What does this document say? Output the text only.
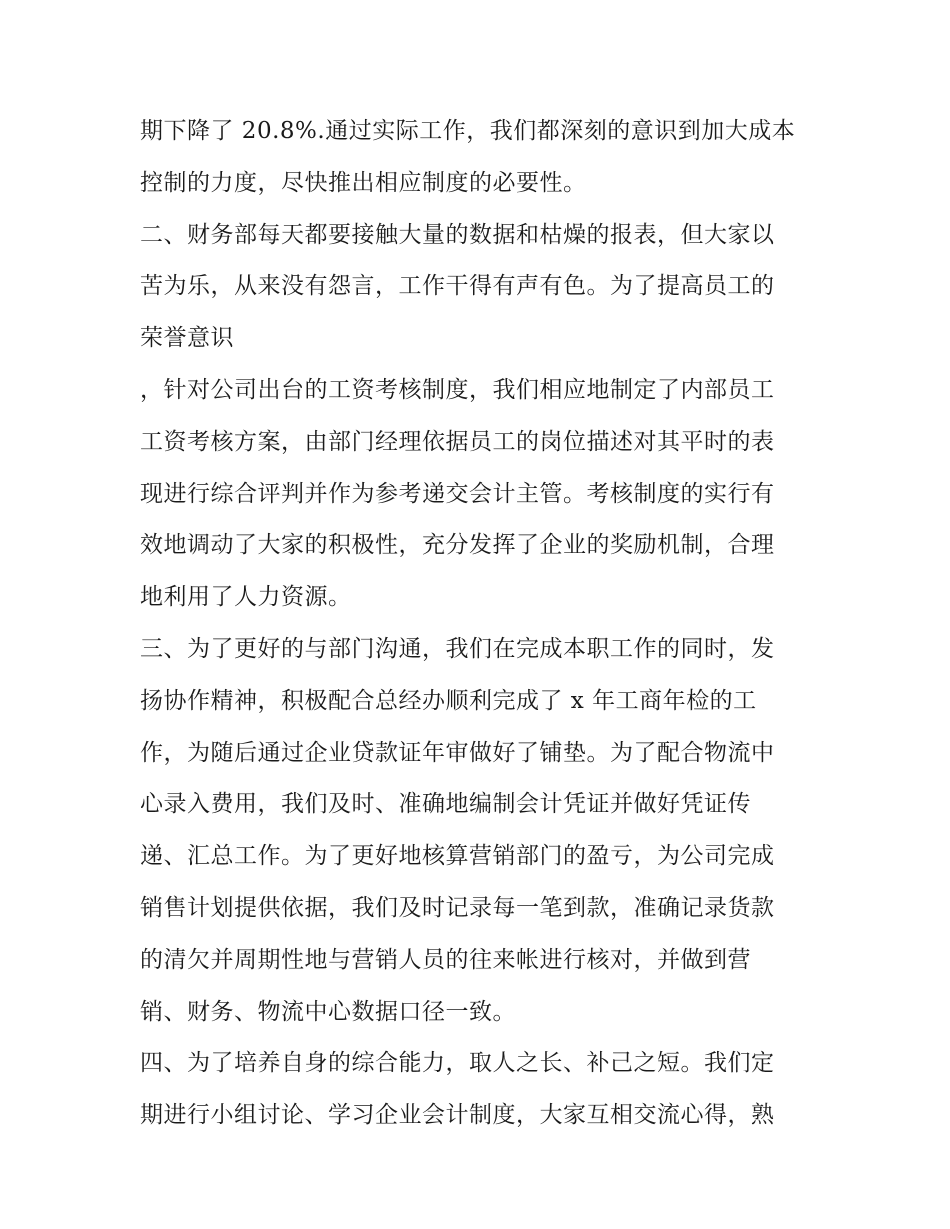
期下降了 20.8%.通过实际工作，我们都深刻的意识到加大成本
控制的力度，尽快推出相应制度的必要性。
二、财务部每天都要接触大量的数据和枯燥的报表，但大家以
苦为乐，从来没有怨言，工作干得有声有色。为了提高员工的
荣誉意识
，针对公司出台的工资考核制度，我们相应地制定了内部员工
工资考核方案，由部门经理依据员工的岗位描述对其平时的表
现进行综合评判并作为参考递交会计主管。考核制度的实行有
效地调动了大家的积极性，充分发挥了企业的奖励机制，合理
地利用了人力资源。
三、为了更好的与部门沟通，我们在完成本职工作的同时，发
扬协作精神，积极配合总经办顺利完成了 x 年工商年检的工
作，为随后通过企业贷款证年审做好了铺垫。为了配合物流中
心录入费用，我们及时、准确地编制会计凭证并做好凭证传
递、汇总工作。为了更好地核算营销部门的盈亏，为公司完成
销售计划提供依据，我们及时记录每一笔到款，准确记录货款
的清欠并周期性地与营销人员的往来帐进行核对，并做到营
销、财务、物流中心数据口径一致。
四、为了培养自身的综合能力，取人之长、补己之短。我们定
期进行小组讨论、学习企业会计制度，大家互相交流心得，熟
